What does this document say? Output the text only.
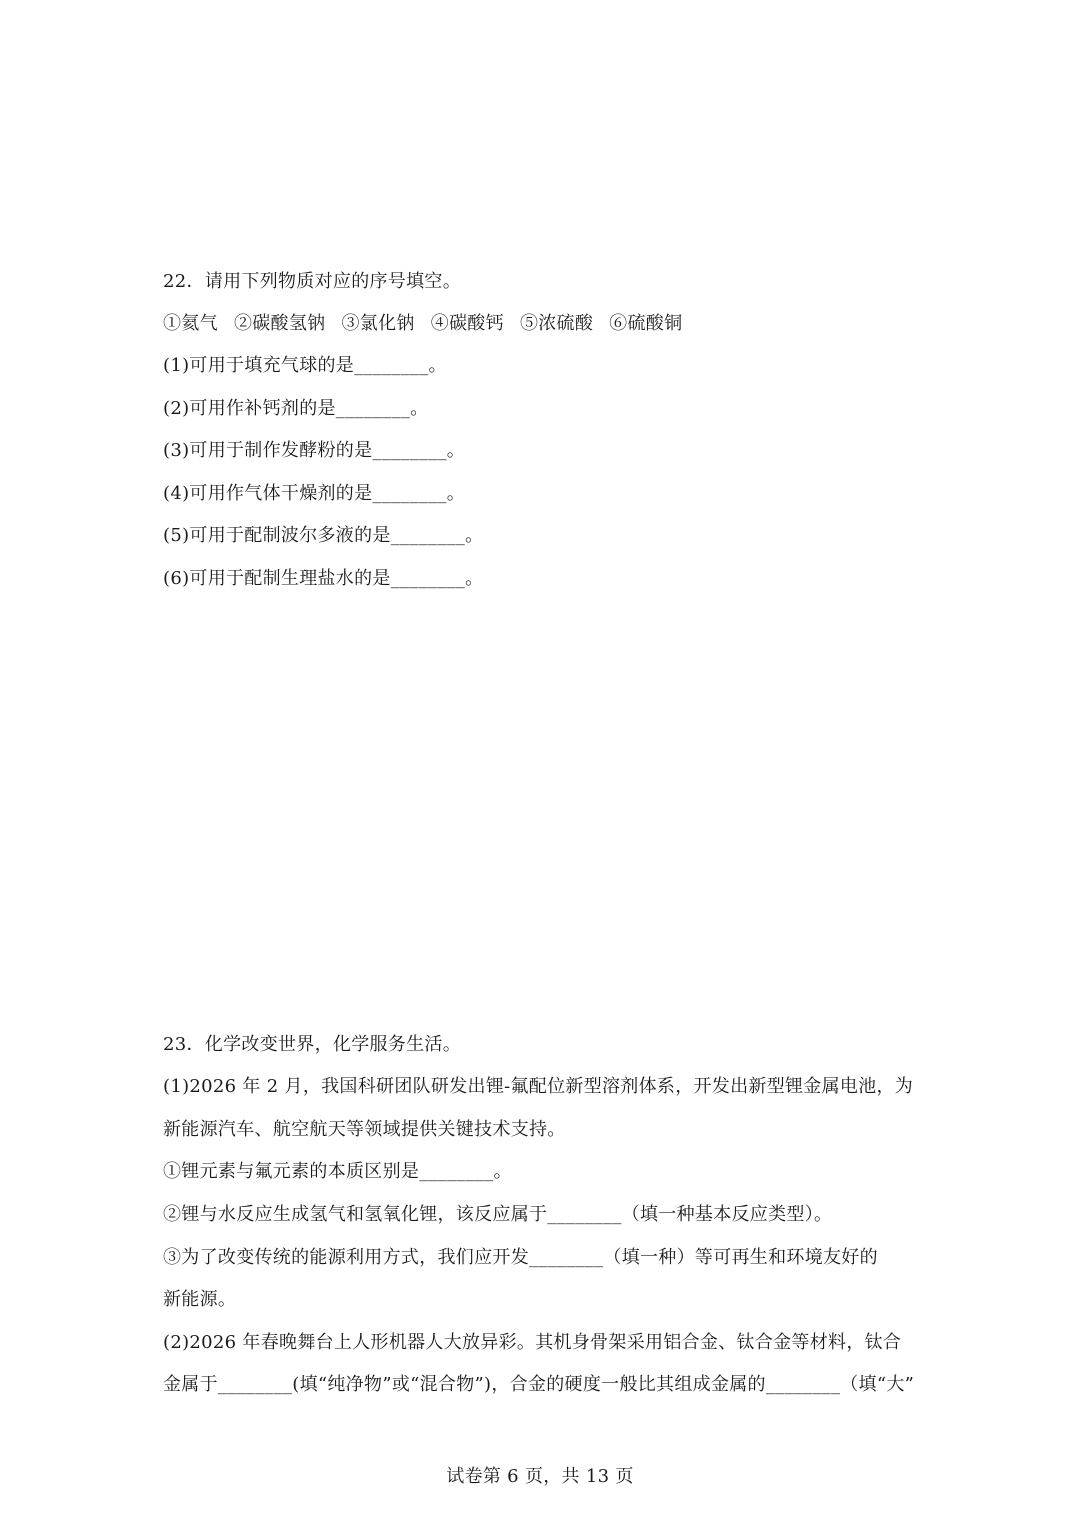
22．请用下列物质对应的序号填空。
①氦气 ②碳酸氢钠 ③氯化钠 ④碳酸钙 ⑤浓硫酸 ⑥硫酸铜
(1)可用于填充气球的是________。
(2)可用作补钙剂的是________。
(3)可用于制作发酵粉的是________。
(4)可用作气体干燥剂的是________。
(5)可用于配制波尔多液的是________。
(6)可用于配制生理盐水的是________。
23．化学改变世界，化学服务生活。
(1)2026 年 2 月，我国科研团队研发出锂-氟配位新型溶剂体系，开发出新型锂金属电池，为
新能源汽车、航空航天等领域提供关键技术支持。
①锂元素与氟元素的本质区别是________。
②锂与水反应生成氢气和氢氧化锂，该反应属于________（填一种基本反应类型）。
③为了改变传统的能源利用方式，我们应开发________（填一种）等可再生和环境友好的
新能源。
(2)2026 年春晚舞台上人形机器人大放异彩。其机身骨架采用铝合金、钛合金等材料，钛合
金属于________(填“纯净物”或“混合物”)，合金的硬度一般比其组成金属的________（填“大”
试卷第 6 页，共 13 页
